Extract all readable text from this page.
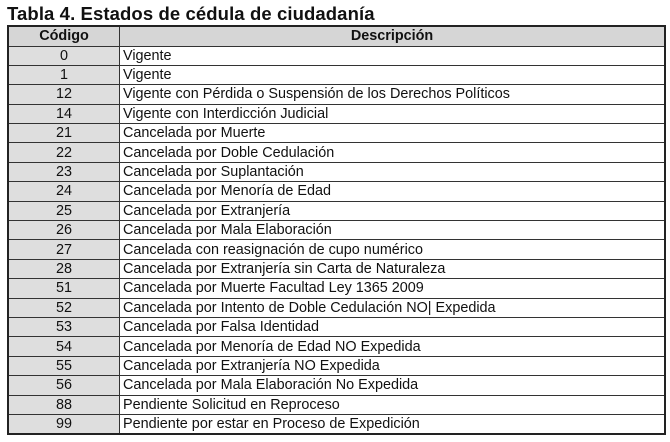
Tabla 4. Estados de cédula de ciudadanía
Código	Descripción
0	Vigente
1	Vigente
12	Vigente con Pérdida o Suspensión de los Derechos Políticos
14	Vigente con Interdicción Judicial
21	Cancelada por Muerte
22	Cancelada por Doble Cedulación
23	Cancelada por Suplantación
24	Cancelada por Menoría de Edad
25	Cancelada por Extranjería
26	Cancelada por Mala Elaboración
27	Cancelada con reasignación de cupo numérico
28	Cancelada por Extranjería sin Carta de Naturaleza
51	Cancelada por Muerte Facultad Ley 1365 2009
52	Cancelada por Intento de Doble Cedulación NO| Expedida
53	Cancelada por Falsa Identidad
54	Cancelada por Menoría de Edad NO Expedida
55	Cancelada por Extranjería NO Expedida
56	Cancelada por Mala Elaboración No Expedida
88	Pendiente Solicitud en Reproceso
99	Pendiente por estar en Proceso de Expedición
